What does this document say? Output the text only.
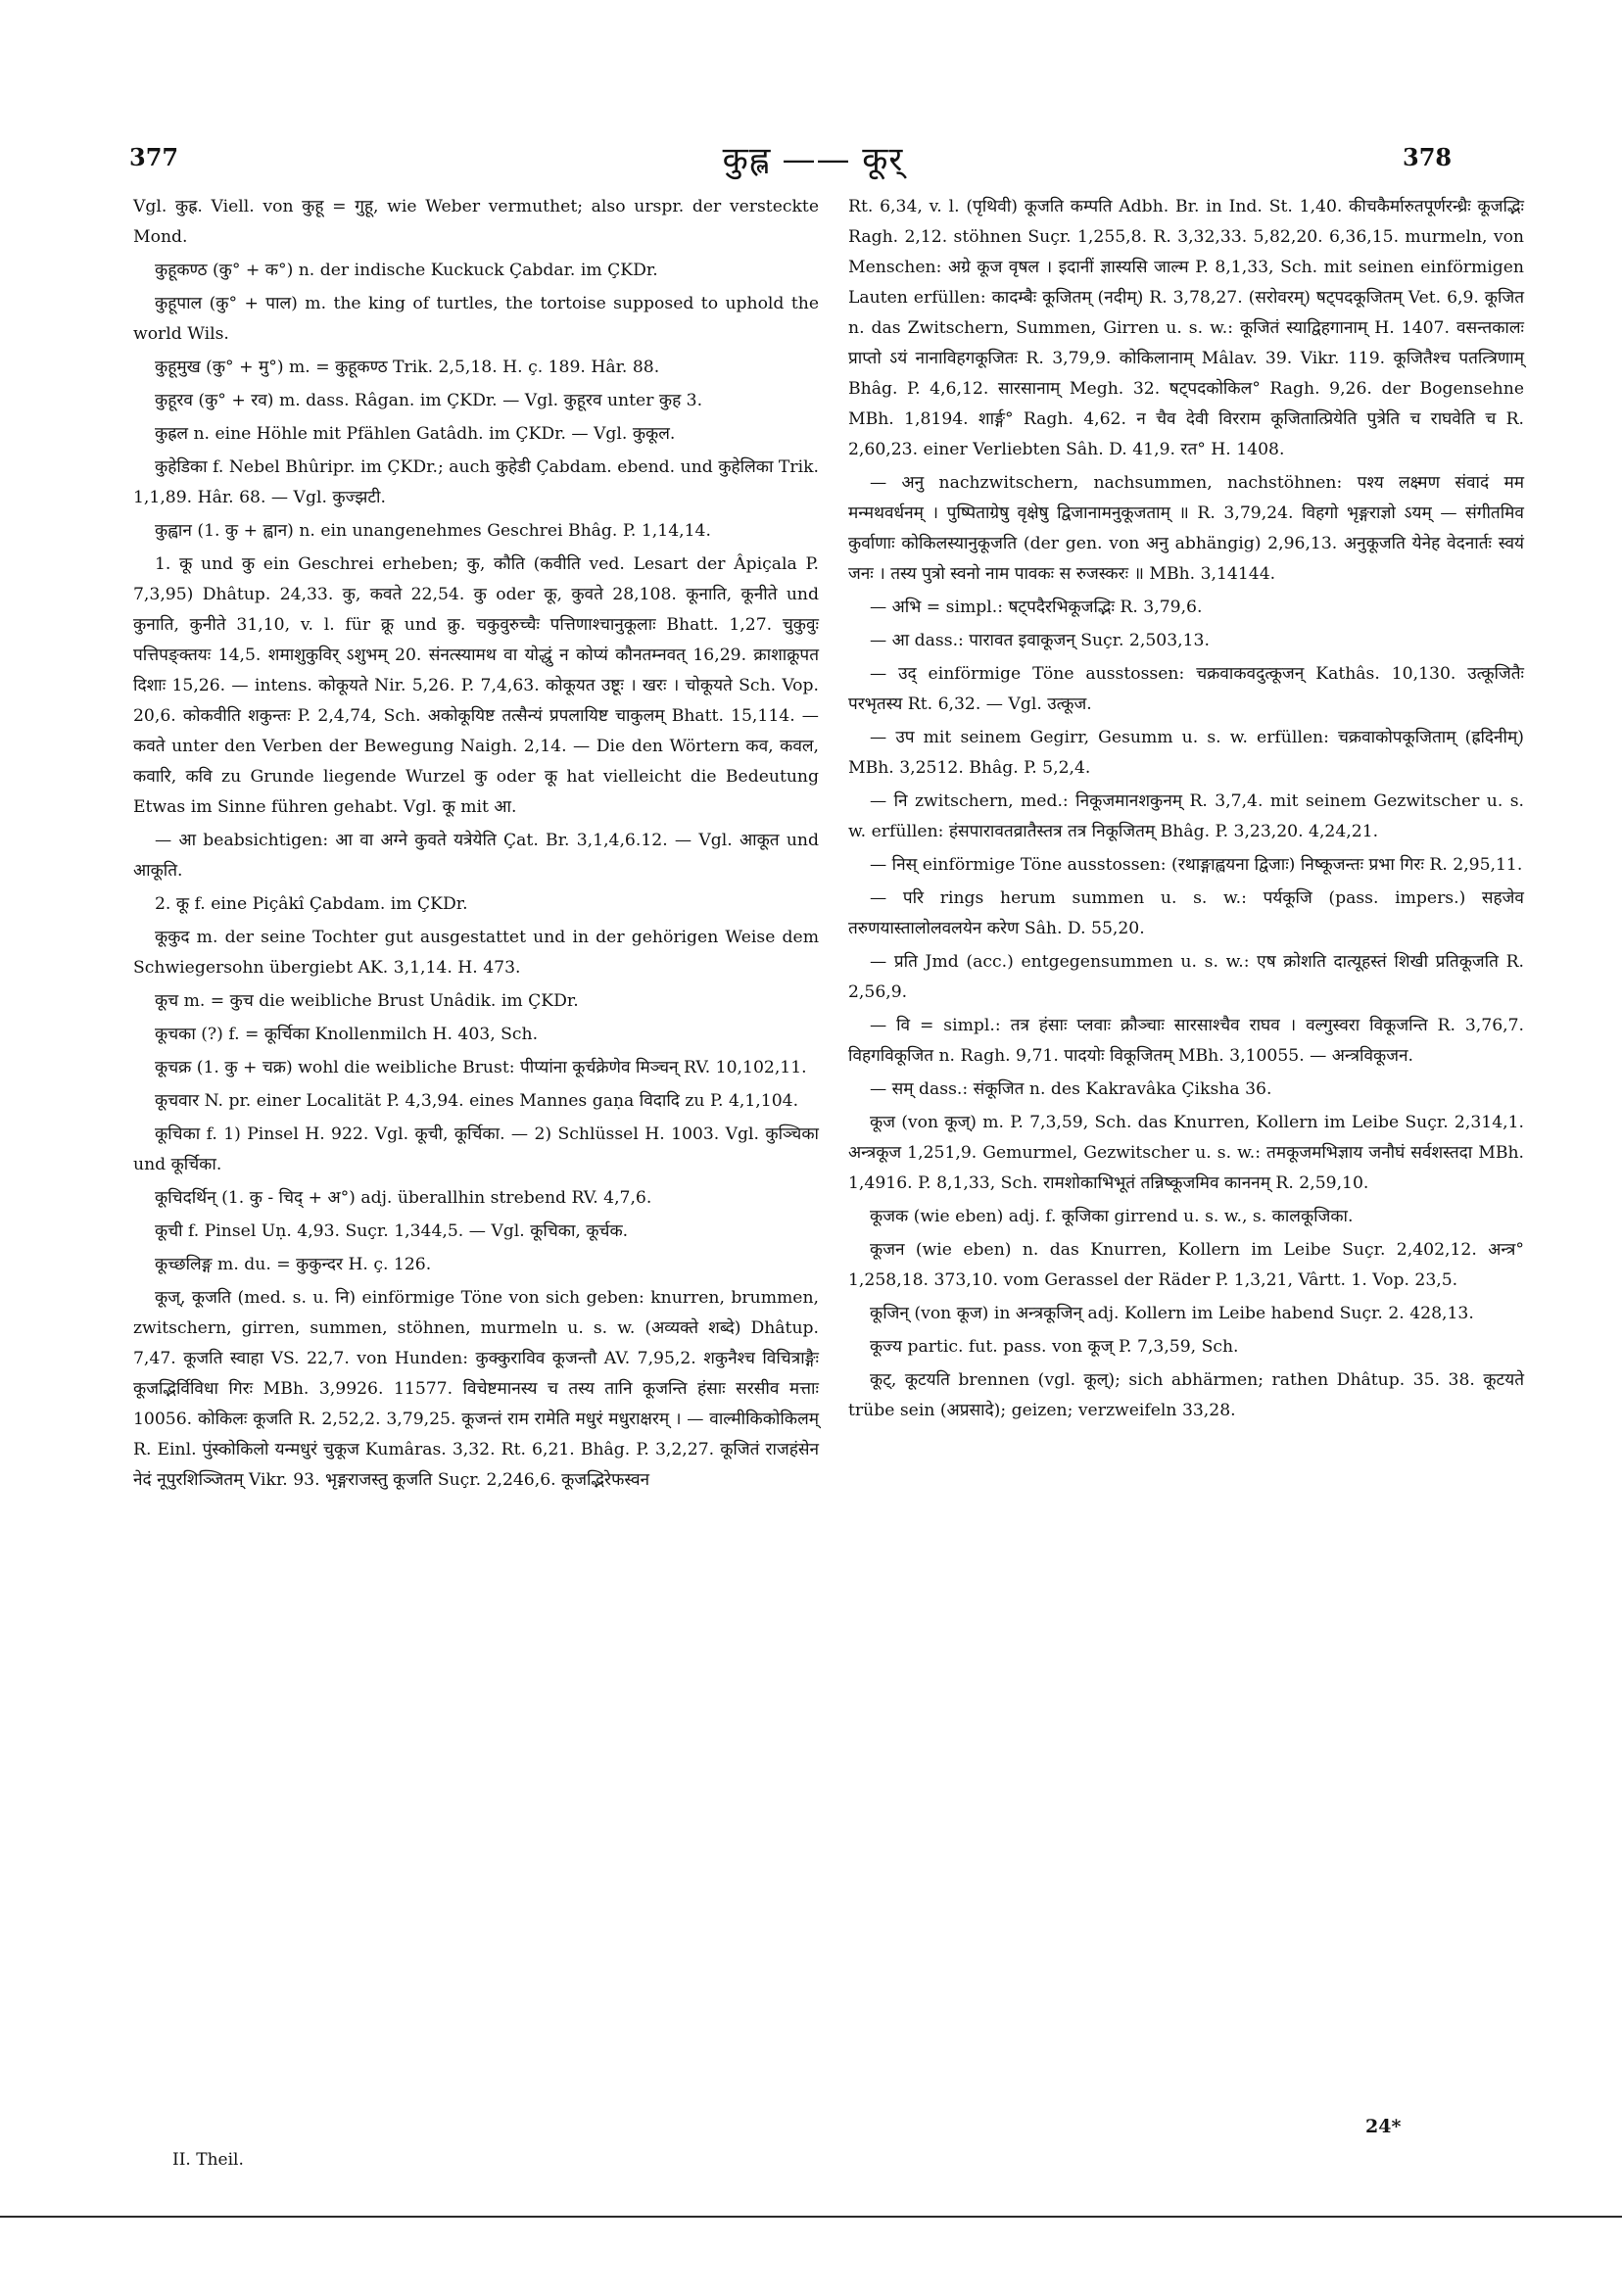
377	कुह्ल —— कूर्	378

Vgl. कुह्र. Viell. von कुहू = गुहू, wie Weber vermuthet; also urspr. der versteckte Mond.

कुहूकण्ठ (कु° + क°) n. der indische Kuckuck Çabdar. im ÇKDr.

कुहूपाल (कु° + पाल) m. the king of turtles, the tortoise supposed to uphold the world Wils.

कुहूमुख (कु° + मु°) m. = कुहूकण्ठ Trik. 2,5,18. H. ç. 189. Hâr. 88.

कुहूरव (कु° + रव) m. dass. Râgan. im ÇKDr. — Vgl. कुहूरव unter कुह 3.

कुह्रल n. eine Höhle mit Pfählen Gatâdh. im ÇKDr. — Vgl. कुकूल.

कुहेडिका f. Nebel Bhûripr. im ÇKDr.; auch कुहेडी Çabdam. ebend. und कुहेलिका Trik. 1,1,89. Hâr. 68. — Vgl. कुज्झटी.

कुह्वान (1. कु + ह्वान) n. ein unangenehmes Geschrei Bhâg. P. 1,14,14.

1. कू und कु ein Geschrei erheben; कु, कौति (कवीति ved. Lesart der Âpiçala P. 7,3,95) Dhâtup. 24,33. कु, कवते 22,54. कु oder कू, कुवते 28,108. कूनाति, कूनीते und कुनाति, कुनीते 31,10, v. l. für क्रू und क्रु. चकुवुरुच्चैः पत्तिणाश्चानुकूलाः Bhatt. 1,27. चुकुवुः पत्तिपङ्क्तयः 14,5. शमाशुकुविर् ऽशुभम् 20. संनत्स्यामथ वा योद्धुं न कोप्यं कौनतम्नवत् 16,29. क्राशाक्रूपत दिशाः 15,26. — intens. कोकूयते Nir. 5,26. P. 7,4,63. कोकूयत उष्टूः । खरः । चोकूयते Sch. Vop. 20,6. कोकवीति शकुन्तः P. 2,4,74, Sch. अकोकूयिष्ट तत्सैन्यं प्रपलायिष्ट चाकुलम् Bhatt. 15,114. — कवते unter den Verben der Bewegung Naigh. 2,14. — Die den Wörtern कव, कवल, कवारि, कवि zu Grunde liegende Wurzel कु oder कू hat vielleicht die Bedeutung Etwas im Sinne führen gehabt. Vgl. कू mit आ.

— आ beabsichtigen: आ वा अग्ने कुवते यत्रेयेति Çat. Br. 3,1,4,6.12. — Vgl. आकूत und आकूति.

2. कू f. eine Piçâkî Çabdam. im ÇKDr.

कूकुद m. der seine Tochter gut ausgestattet und in der gehörigen Weise dem Schwiegersohn übergiebt AK. 3,1,14. H. 473.

कूच m. = कुच die weibliche Brust Unâdik. im ÇKDr.

कूचका (?) f. = कूर्चिका Knollenmilch H. 403, Sch.

कूचक्र (1. कु + चक्र) wohl die weibliche Brust: पीप्यांना कूर्चक्रेणेव मिञ्चन् RV. 10,102,11.

कूचवार N. pr. einer Localität P. 4,3,94. eines Mannes gaṇa विदादि zu P. 4,1,104.

कूचिका f. 1) Pinsel H. 922. Vgl. कूची, कूर्चिका. — 2) Schlüssel H. 1003. Vgl. कुञ्चिका und कूर्चिका.

कूचिदर्थिन् (1. कु - चिद् + अ°) adj. überallhin strebend RV. 4,7,6.

कूची f. Pinsel Uṇ. 4,93. Suçr. 1,344,5. — Vgl. कूचिका, कूर्चक.

कूच्छलिङ्ग m. du. = कुकुन्दर H. ç. 126.

कूज्, कूजति (med. s. u. नि) einförmige Töne von sich geben: knurren, brummen, zwitschern, girren, summen, stöhnen, murmeln u. s. w. (अव्यक्ते शब्दे) Dhâtup. 7,47. कूजति स्वाहा VS. 22,7. von Hunden: कुक्कुराविव कूजन्तौ AV. 7,95,2. शकुनैश्च विचित्राङ्गैः कूजद्भिर्विविधा गिरः MBh. 3,9926. 11577. विचेष्टमानस्य च तस्य तानि कूजन्ति हंसाः सरसीव मत्ताः 10056. कोकिलः कूजति R. 2,52,2. 3,79,25. कूजन्तं राम रामेति मधुरं मधुराक्षरम् । — वाल्मीकिकोकिलम् R. Einl. पुंस्कोकिलो यन्मधुरं चुकूज Kumâras. 3,32. Rt. 6,21. Bhâg. P. 3,2,27. कूजितं राजहंसेन नेदं नूपुरशिञ्जितम् Vikr. 93. भृङ्गराजस्तु कूजति Suçr. 2,246,6. कूजद्भिरेफस्वन

Rt. 6,34, v. l. (पृथिवी) कूजति कम्पति Adbh. Br. in Ind. St. 1,40. कीचकैर्मारुतपूर्णरन्ध्रैः कूजद्भिः Ragh. 2,12. stöhnen Suçr. 1,255,8. R. 3,32,33. 5,82,20. 6,36,15. murmeln, von Menschen: अग्रे कूज वृषल । इदानीं ज्ञास्यसि जाल्म P. 8,1,33, Sch. mit seinen einförmigen Lauten erfüllen: कादम्बैः कूजितम् (नदीम्) R. 3,78,27. (सरोवरम्) षट्पदकूजितम् Vet. 6,9. कूजित n. das Zwitschern, Summen, Girren u. s. w.: कूजितं स्याद्विहगानाम् H. 1407. वसन्तकालः प्राप्तो ऽयं नानाविहगकूजितः R. 3,79,9. कोकिलानाम् Mâlav. 39. Vikr. 119. कूजितैश्च पतत्त्रिणाम् Bhâg. P. 4,6,12. सारसानाम् Megh. 32. षट्पदकोकिल° Ragh. 9,26. der Bogensehne MBh. 1,8194. शार्ङ्ग° Ragh. 4,62. न चैव देवी विरराम कूजितात्प्रियेति पुत्रेति च राघवेति च R. 2,60,23. einer Verliebten Sâh. D. 41,9. रत° H. 1408.

— अनु nachzwitschern, nachsummen, nachstöhnen: पश्य लक्ष्मण संवादं मम मन्मथवर्धनम् । पुष्पिताग्रेषु वृक्षेषु द्विजानामनुकूजताम् ॥ R. 3,79,24. विहगो भृङ्गराज्ञो ऽयम् — संगीतमिव कुर्वाणाः कोकिलस्यानुकूजति (der gen. von अनु abhängig) 2,96,13. अनुकूजति येनेह वेदनार्तः स्वयं जनः । तस्य पुत्रो स्वनो नाम पावकः स रुजस्करः ॥ MBh. 3,14144.

— अभि = simpl.: षट्पदैरभिकूजद्भिः R. 3,79,6.

— आ dass.: पारावत इवाकूजन् Suçr. 2,503,13.

— उद् einförmige Töne ausstossen: चक्रवाकवदुत्कूजन् Kathâs. 10,130. उत्कूजितैः परभृतस्य Rt. 6,32. — Vgl. उत्कूज.

— उप mit seinem Gegirr, Gesumm u. s. w. erfüllen: चक्रवाकोपकूजिताम् (ह्रदिनीम्) MBh. 3,2512. Bhâg. P. 5,2,4.

— नि zwitschern, med.: निकूजमानशकुनम् R. 3,7,4. mit seinem Gezwitscher u. s. w. erfüllen: हंसपारावतव्रातैस्तत्र तत्र निकूजितम् Bhâg. P. 3,23,20. 4,24,21.

— निस् einförmige Töne ausstossen: (रथाङ्गाह्वयना द्विजाः) निष्कूजन्तः प्रभा गिरः R. 2,95,11.

— परि rings herum summen u. s. w.: पर्यकूजि (pass. impers.) सहजेव तरुणयास्तालोलवलयेन करेण Sâh. D. 55,20.

— प्रति Jmd (acc.) entgegensummen u. s. w.: एष क्रोशति दात्यूहस्तं शिखी प्रतिकूजति R. 2,56,9.

— वि = simpl.: तत्र हंसाः प्लवाः क्रौञ्चाः सारसाश्चैव राघव । वल्गुस्वरा विकूजन्ति R. 3,76,7. विहगविकूजित n. Ragh. 9,71. पादयोः विकूजितम् MBh. 3,10055. — अन्त्रविकूजन.

— सम् dass.: संकूजित n. des Kakravâka Çiksha 36.

कूज (von कूज्) m. P. 7,3,59, Sch. das Knurren, Kollern im Leibe Suçr. 2,314,1. अन्त्रकूज 1,251,9. Gemurmel, Gezwitscher u. s. w.: तमकूजमभिज्ञाय जनौघं सर्वशस्तदा MBh. 1,4916. P. 8,1,33, Sch. रामशोकाभिभूतं तन्निष्कूजमिव काननम् R. 2,59,10.

कूजक (wie eben) adj. f. कूजिका girrend u. s. w., s. कालकूजिका.

कूजन (wie eben) n. das Knurren, Kollern im Leibe Suçr. 2,402,12. अन्त्र° 1,258,18. 373,10. vom Gerassel der Räder P. 1,3,21, Vârtt. 1. Vop. 23,5.

कूजिन् (von कूज) in अन्त्रकूजिन् adj. Kollern im Leibe habend Suçr. 2. 428,13.

कूज्य partic. fut. pass. von कूज् P. 7,3,59, Sch.

कूट्, कूटयति brennen (vgl. कूल्); sich abhärmen; rathen Dhâtup. 35. 38. कूटयते trübe sein (अप्रसादे); geizen; verzweifeln 33,28.

II. Theil.
24*
